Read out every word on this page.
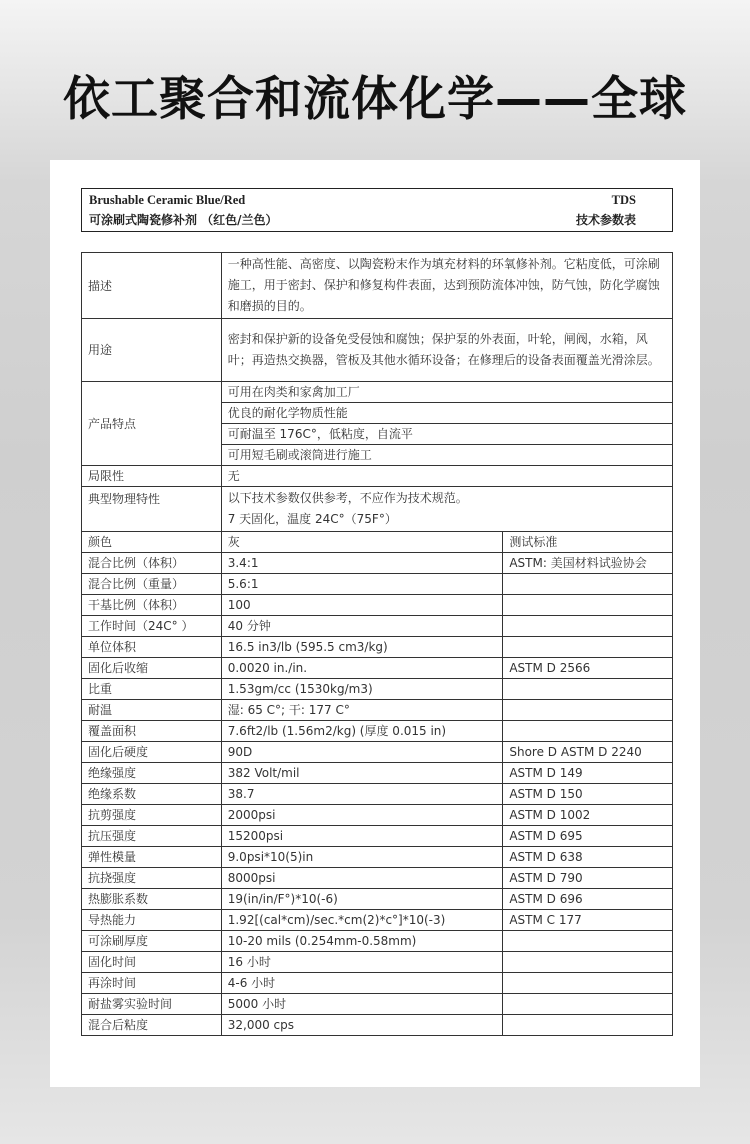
依工聚合和流体化学——全球
Brushable Ceramic Blue/Red
可涂刷式陶瓷修补剂 （红色/兰色）
TDS
技术参数表
描述	一种高性能、高密度、以陶瓷粉末作为填充材料的环氧修补剂。它粘度低，可涂刷施工，用于密封、保护和修复构件表面，达到预防流体冲蚀，防气蚀，防化学腐蚀和磨损的目的。	
用途	密封和保护新的设备免受侵蚀和腐蚀；保护泵的外表面，叶轮，闸阀，水箱，风叶；再造热交换器，管板及其他水循环设备；在修理后的设备表面覆盖光滑涂层。	
产品特点	可用在肉类和家禽加工厂	
	优良的耐化学物质性能	
	可耐温至 176C°，低粘度，自流平	
	可用短毛刷或滚筒进行施工	
局限性	无	
典型物理特性	以下技术参数仅供参考，不应作为技术规范。
7 天固化，温度 24C°（75F°）	

颜色	灰	测试标准
混合比例（体积）	3.4:1	ASTM: 美国材料试验协会
混合比例（重量）	5.6:1	
干基比例（体积）	100	
工作时间（24C° ）	40 分钟	
单位体积	16.5 in3/lb (595.5 cm3/kg)	
固化后收缩	0.0020 in./in.	ASTM D 2566
比重	1.53gm/cc (1530kg/m3)	
耐温	湿: 65 C°; 干: 177 C°	
覆盖面积	7.6ft2/lb (1.56m2/kg) (厚度 0.015 in)	
固化后硬度	90D	Shore D ASTM D 2240
绝缘强度	382 Volt/mil	ASTM D 149
绝缘系数	38.7	ASTM D 150
抗剪强度	2000psi	ASTM D 1002
抗压强度	15200psi	ASTM D 695
弹性模量	9.0psi*10(5)in	ASTM D 638
抗挠强度	8000psi	ASTM D 790
热膨胀系数	19(in/in/F°)*10(-6)	ASTM D 696
导热能力	1.92[(cal*cm)/sec.*cm(2)*c°]*10(-3)	ASTM C 177
可涂刷厚度	10-20 mils (0.254mm-0.58mm)	
固化时间	16 小时	
再涂时间	4-6 小时	
耐盐雾实验时间	5000 小时	
混合后粘度	32,000 cps	
